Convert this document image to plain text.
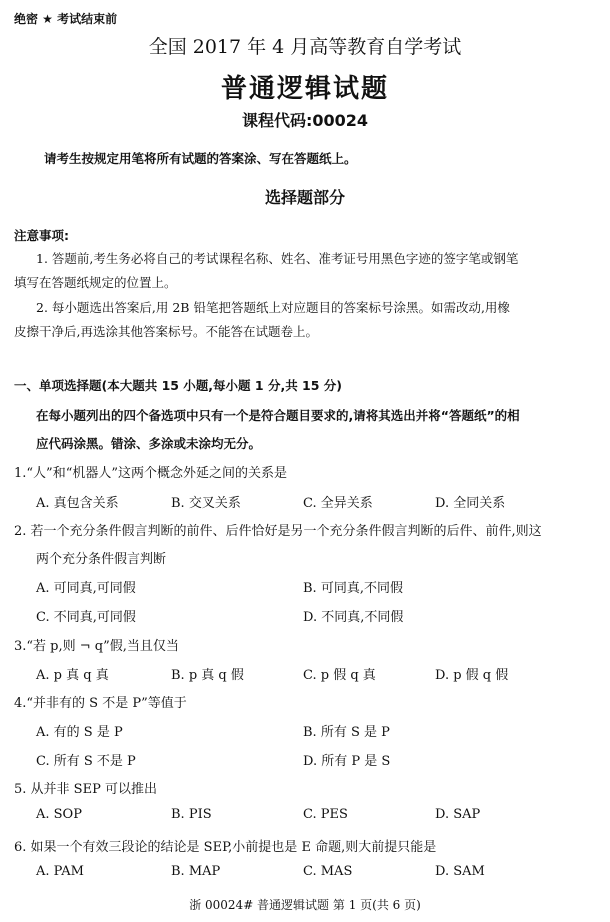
绝密 ★ 考试结束前
全国 2017 年 4 月高等教育自学考试
普通逻辑试题
课程代码:00024
请考生按规定用笔将所有试题的答案涂、写在答题纸上。
选择题部分
注意事项:
1. 答题前,考生务必将自己的考试课程名称、姓名、准考证号用黑色字迹的签字笔或钢笔
填写在答题纸规定的位置上。
2. 每小题选出答案后,用 2B 铅笔把答题纸上对应题目的答案标号涂黑。如需改动,用橡
皮擦干净后,再选涂其他答案标号。不能答在试题卷上。
一、单项选择题(本大题共 15 小题,每小题 1 分,共 15 分)
在每小题列出的四个备选项中只有一个是符合题目要求的,请将其选出并将“答题纸”的相
应代码涂黑。错涂、多涂或未涂均无分。
1.“人”和“机器人”这两个概念外延之间的关系是
A. 真包含关系	B. 交叉关系	C. 全异关系	D. 全同关系
2. 若一个充分条件假言判断的前件、后件恰好是另一个充分条件假言判断的后件、前件,则这
两个充分条件假言判断
A. 可同真,可同假	B. 可同真,不同假
C. 不同真,可同假	D. 不同真,不同假
3.“若 p,则 ¬ q”假,当且仅当
A. p 真 q 真	B. p 真 q 假	C. p 假 q 真	D. p 假 q 假
4.“并非有的 S 不是 P”等值于
A. 有的 S 是 P	B. 所有 S 是 P
C. 所有 S 不是 P	D. 所有 P 是 S
5. 从并非 SEP 可以推出
A. SOP	B. PIS	C. PES	D. SAP
6. 如果一个有效三段论的结论是 SEP,小前提也是 E 命题,则大前提只能是
A. PAM	B. MAP	C. MAS	D. SAM
浙 00024# 普通逻辑试题 第 1 页(共 6 页)
